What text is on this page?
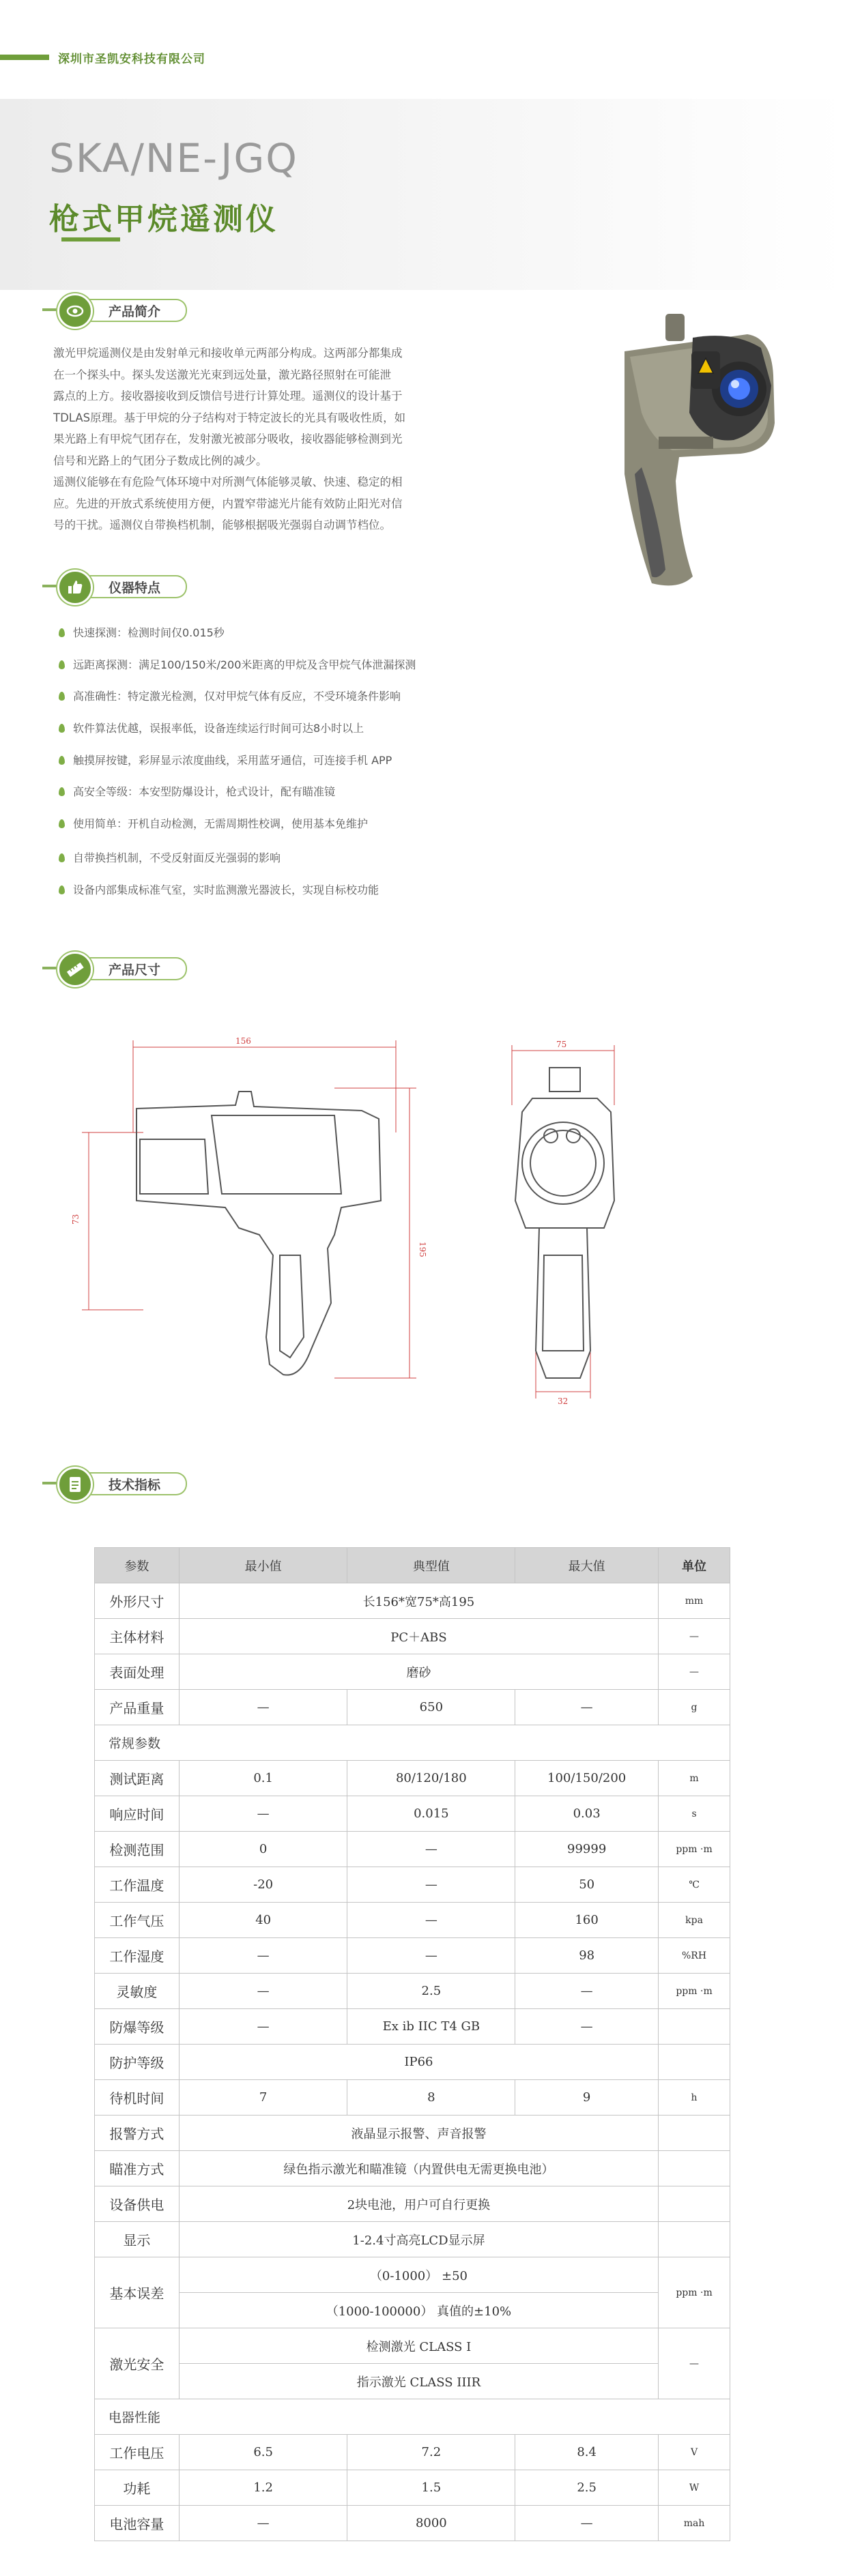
深圳市圣凯安科技有限公司
SKA/NE-JGQ
枪式甲烷遥测仪
产品简介

激光甲烷遥测仪是由发射单元和接收单元两部分构成。这两部分都集成

在一个探头中。探头发送激光光束到远处量，激光路径照射在可能泄

露点的上方。接收器接收到反馈信号进行计算处理。遥测仪的设计基于

TDLAS原理。基于甲烷的分子结构对于特定波长的光具有吸收性质，如

果光路上有甲烷气团存在，发射激光被部分吸收，接收器能够检测到光

信号和光路上的气团分子数成比例的减少。

遥测仪能够在有危险气体环境中对所测气体能够灵敏、快速、稳定的相

应。先进的开放式系统使用方便，内置窄带滤光片能有效防止阳光对信

号的干扰。遥测仪自带换档机制，能够根据吸光强弱自动调节档位。

仪器特点
快速探测：检测时间仅0.015秒
远距离探测：满足100/150米/200米距离的甲烷及含甲烷气体泄漏探测
高准确性：特定激光检测，仅对甲烷气体有反应，不受环境条件影响
软件算法优越，误报率低，设备连续运行时间可达8小时以上
触摸屏按键，彩屏显示浓度曲线，采用蓝牙通信，可连接手机 APP
高安全等级：本安型防爆设计，枪式设计，配有瞄准镜
使用简单：开机自动检测，无需周期性校调，使用基本免维护
自带换挡机制，不受反射面反光强弱的影响
设备内部集成标准气室，实时监测激光器波长，实现自标校功能
产品尺寸
156
73
195
75
32
技术指标
参数	最小值	典型值	最大值	单位
外形尺寸	长156*宽75*高195			mm
主体材料	PC＋ABS			—
表面处理	磨砂			—
产品重量	—	650	—	g
常规参数				
测试距离	0.1	80/120/180	100/150/200	m
响应时间	—	0.015	0.03	s
检测范围	0	—	99999	ppm ·m
工作温度	-20	—	50	℃
工作气压	40	—	160	kpa
工作湿度	—	—	98	%RH
灵敏度	—	2.5	—	ppm ·m
防爆等级	—	Ex ib IIC T4 GB	—	
防护等级	IP66			
待机时间	7	8	9	h
报警方式	液晶显示报警、声音报警			
瞄准方式	绿色指示激光和瞄准镜（内置供电无需更换电池）			
设备供电	2块电池，用户可自行更换			
显示	1-2.4寸高亮LCD显示屏			
基本误差	（0-1000） ±50			ppm ·m
	（1000-100000） 真值的±10%			
激光安全	检测激光 CLASS I			—
	指示激光 CLASS IIIR			
电器性能				
工作电压	6.5	7.2	8.4	V
功耗	1.2	1.5	2.5	W
电池容量	—	8000	—	mah
